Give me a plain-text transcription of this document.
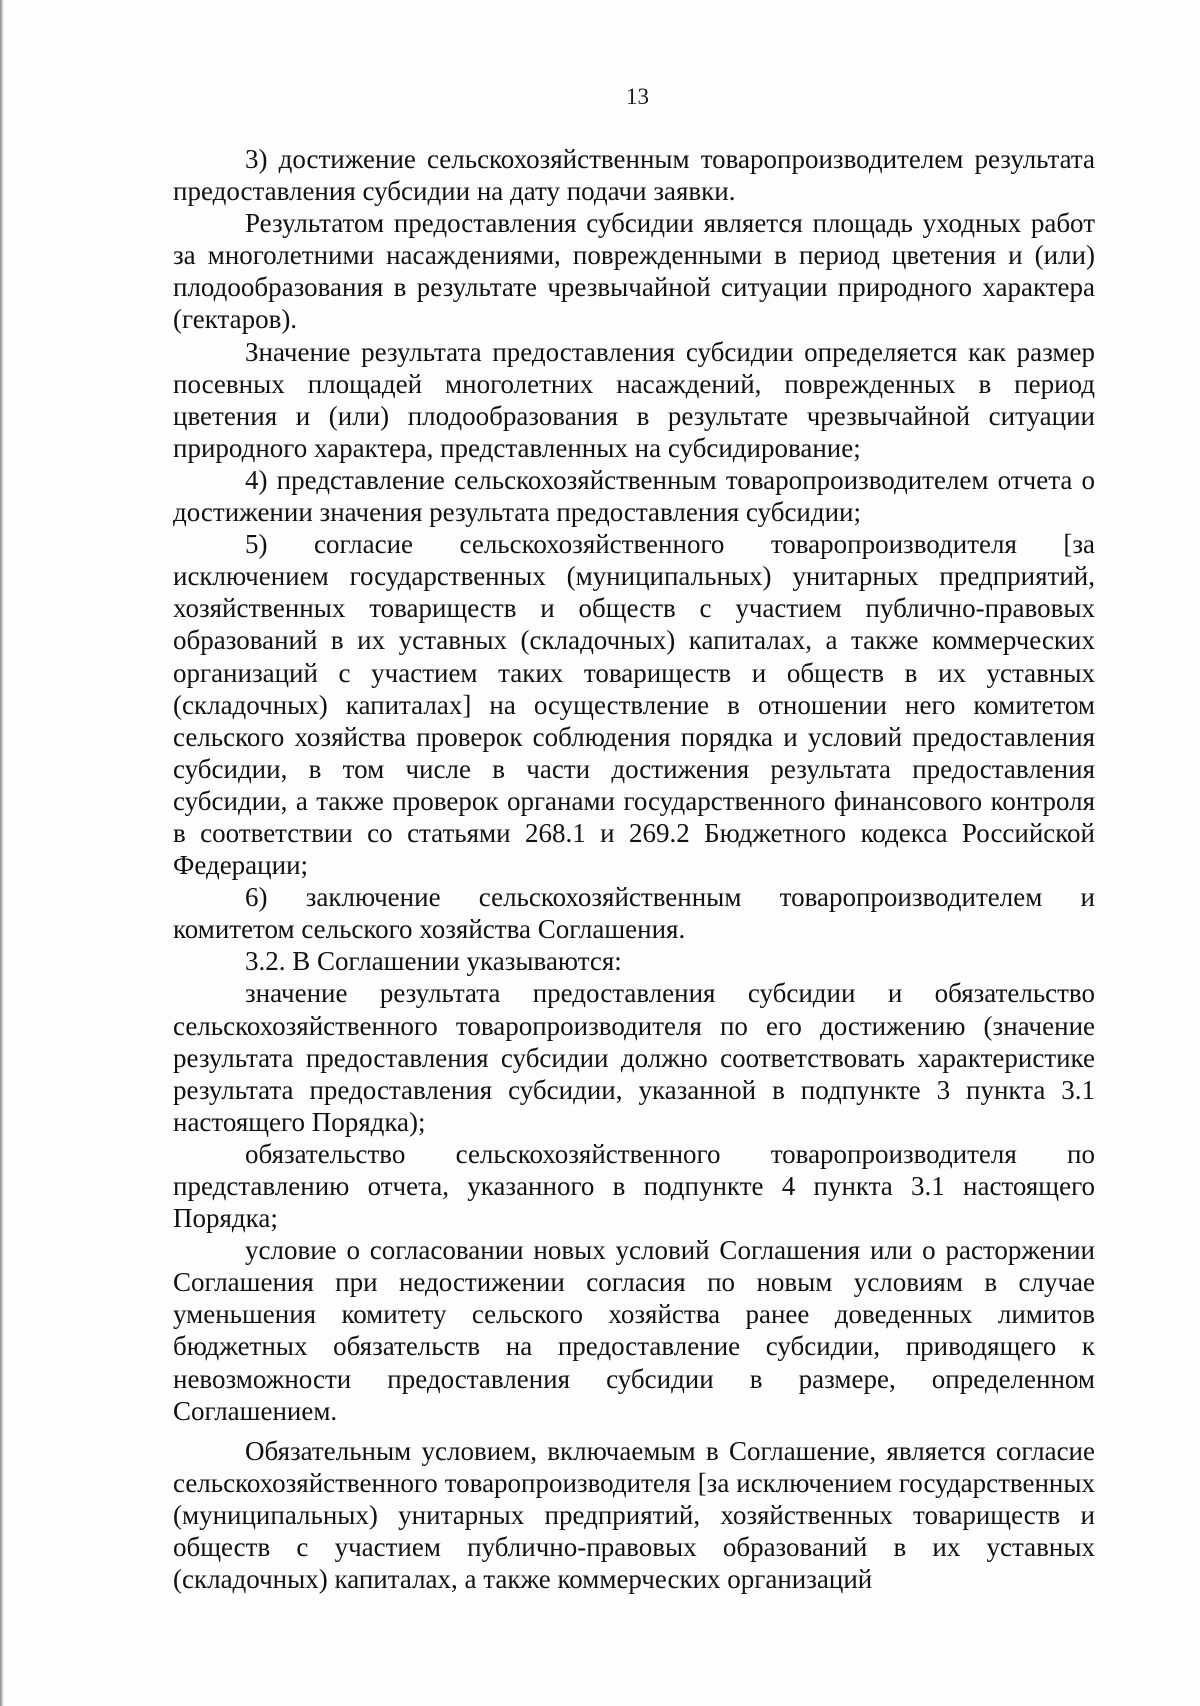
13

3) достижение сельскохозяйственным товаропроизводителем результата предоставления субсидии на дату подачи заявки.

Результатом предоставления субсидии является площадь уходных работ за многолетними насаждениями, поврежденными в период цветения и (или) плодообразования в результате чрезвычайной ситуации природного характера (гектаров).

Значение результата предоставления субсидии определяется как размер посевных площадей многолетних насаждений, поврежденных в период цветения и (или) плодообразования в результате чрезвычайной ситуации природного характера, представленных на субсидирование;

4) представление сельскохозяйственным товаропроизводителем отчета о достижении значения результата предоставления субсидии;

5) согласие сельскохозяйственного товаропроизводителя [за исключением государственных (муниципальных) унитарных предприятий, хозяйственных товариществ и обществ с участием публично-правовых образований в их уставных (складочных) капиталах, а также коммерческих организаций с участием таких товариществ и обществ в их уставных (складочных) капиталах] на осуществление в отношении него комитетом сельского хозяйства проверок соблюдения порядка и условий предоставления субсидии, в том числе в части достижения результата предоставления субсидии, а также проверок органами государственного финансового контроля в соответствии со статьями 268.1 и 269.2 Бюджетного кодекса Российской Федерации;

6) заключение сельскохозяйственным товаропроизводителем и комитетом сельского хозяйства Соглашения.

3.2. В Соглашении указываются:

значение результата предоставления субсидии и обязательство сельскохозяйственного товаропроизводителя по его достижению (значение результата предоставления субсидии должно соответствовать характеристике результата предоставления субсидии, указанной в подпункте 3 пункта 3.1 настоящего Порядка);

обязательство сельскохозяйственного товаропроизводителя по представлению отчета, указанного в подпункте 4 пункта 3.1 настоящего Порядка;

условие о согласовании новых условий Соглашения или о расторжении Соглашения при недостижении согласия по новым условиям в случае уменьшения комитету сельского хозяйства ранее доведенных лимитов бюджетных обязательств на предоставление субсидии, приводящего к невозможности предоставления субсидии в размере, определенном Соглашением.

Обязательным условием, включаемым в Соглашение, является согласие сельскохозяйственного товаропроизводителя [за исключением государственных (муниципальных) унитарных предприятий, хозяйственных товариществ и обществ с участием публично-правовых образований в их уставных (складочных) капиталах, а также коммерческих организаций
